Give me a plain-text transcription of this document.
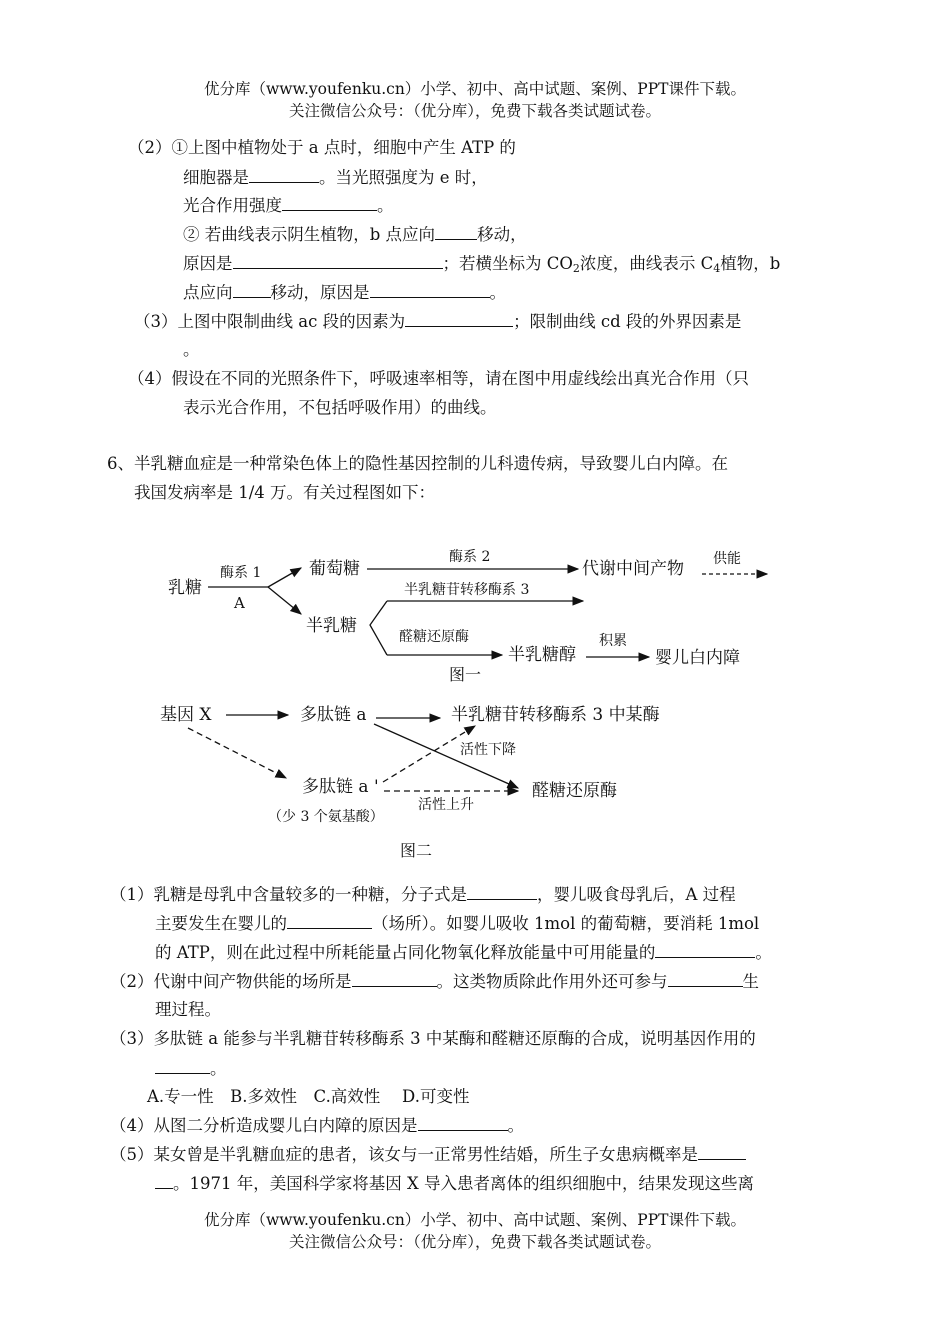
优分库（www.youfenku.cn）小学、初中、高中试题、案例、PPT课件下载。
关注微信公众号：（优分库），免费下载各类试题试卷。
（2）①上图中植物处于 a 点时，细胞中产生 ATP 的
细胞器是	。当光照强度为 e 时，
光合作用强度	。
② 若曲线表示阴生植物，b 点应向	移动，
原因是	；若横坐标为 $CO_2$浓度，曲线表示 $C_4$植物，b
点应向 移动，原因是	。
（3）上图中限制曲线 ac 段的因素为	；限制曲线 cd 段的外界因素是
。
（4）假设在不同的光照条件下，呼吸速率相等，请在图中用虚线绘出真光合作用（只
表示光合作用，不包括呼吸作用）的曲线。
6、半乳糖血症是一种常染色体上的隐性基因控制的儿科遗传病，导致婴儿白内障。在
我国发病率是 1/4 万。有关过程图如下：
乳糖
酶系 1
A
葡萄糖
酶系 2
代谢中间产物 供能
半乳糖
半乳糖苷转移酶系 3
醛糖还原酶
半乳糖醇
积累
婴儿白内障
图一
基因 X	多肽链 a	半乳糖苷转移酶系 3 中某酶
活性下降
多肽链 a '	醛糖还原酶
活性上升
（少 3 个氨基酸）
图二
（1）乳糖是母乳中含量较多的一种糖，分子式是	，婴儿吸食母乳后，A 过程
主要发生在婴儿的	（场所）。如婴儿吸收 1mol 的葡萄糖，要消耗 1mol
的 ATP，则在此过程中所耗能量占同化物氧化释放能量中可用能量的	。
（2）代谢中间产物供能的场所是	。这类物质除此作用外还可参与	生
理过程。
（3）多肽链 a 能参与半乳糖苷转移酶系 3 中某酶和醛糖还原酶的合成，说明基因作用的
。
A.专一性　B.多效性　C.高效性　 D.可变性
（4）从图二分析造成婴儿白内障的原因是	。
（5）某女曾是半乳糖血症的患者，该女与一正常男性结婚，所生子女患病概率是
。1971 年，美国科学家将基因 X 导入患者离体的组织细胞中，结果发现这些离
优分库（www.youfenku.cn）小学、初中、高中试题、案例、PPT课件下载。
关注微信公众号：（优分库），免费下载各类试题试卷。
